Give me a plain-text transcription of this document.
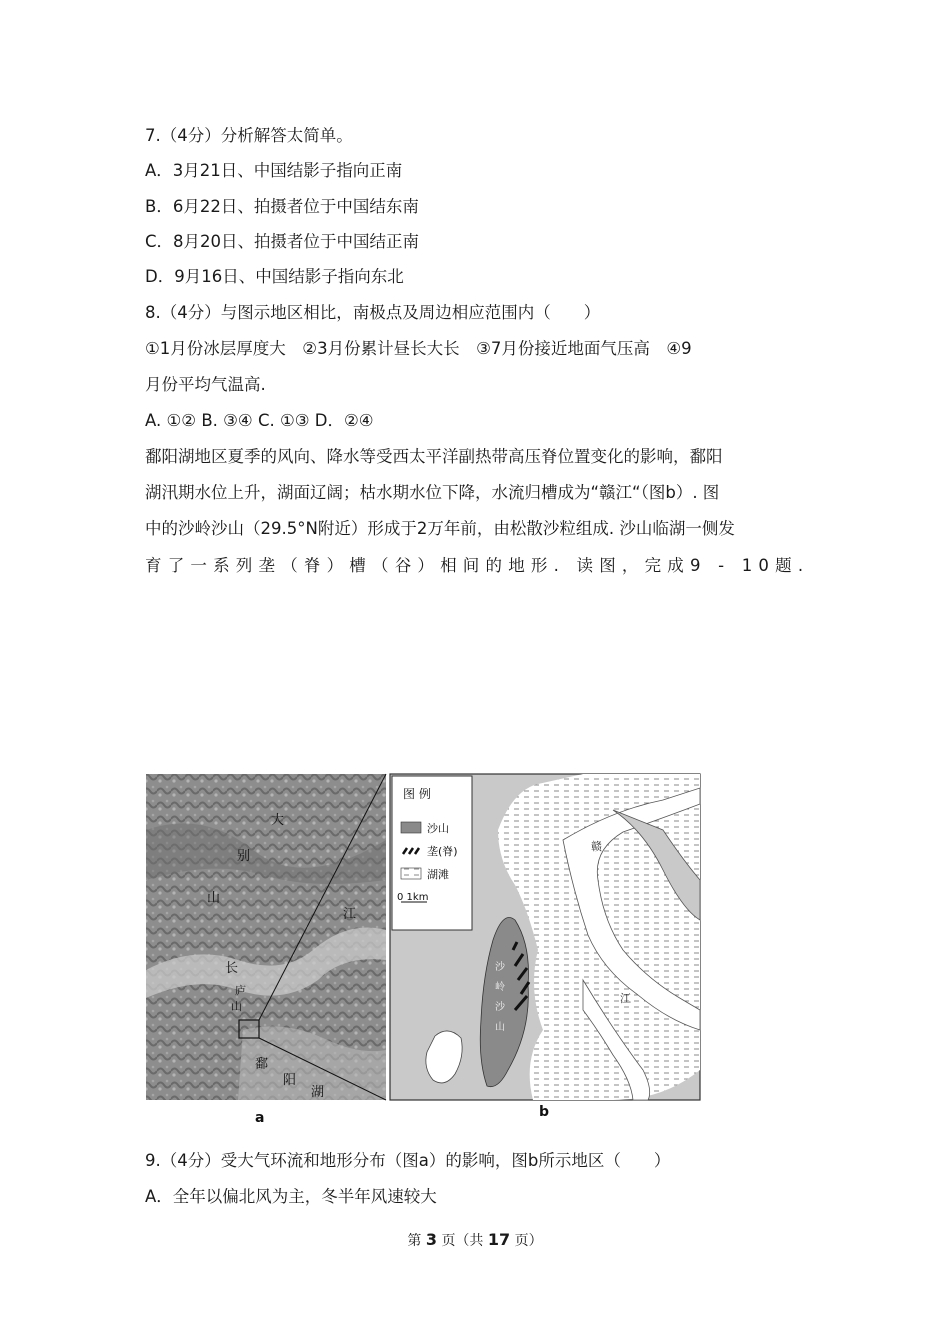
7.（4分）分析解答太简单。
A．3月21日、中国结影子指向正南
B．6月22日、拍摄者位于中国结东南
C．8月20日、拍摄者位于中国结正南
D．9月16日、中国结影子指向东北
8.（4分）与图示地区相比，南极点及周边相应范围内（　　）
①1月份冰层厚度大　②3月份累计昼长大长　③7月份接近地面气压高　④9
月份平均气温高.
A. ①② B. ③④ C. ①③ D．②④
鄱阳湖地区夏季的风向、降水等受西太平洋副热带高压脊位置变化的影响，鄱阳
湖汛期水位上升，湖面辽阔；枯水期水位下降，水流归槽成为“赣江“（图b）. 图
中的沙岭沙山（29.5°N附近）形成于2万年前，由松散沙粒组成. 沙山临湖一侧发
育了一系列垄（脊）槽（谷）相间的地形. 读图，完成9 - 10题.
大
别
山
江
长
庐
山
鄱
阳
湖
图 例
沙山
垄(脊)
湖滩
0 1km
赣
江
沙
岭
沙
山
a	b
9.（4分）受大气环流和地形分布（图a）的影响，图b所示地区（　　）
A．全年以偏北风为主，冬半年风速较大
第 3 页（共 17 页）
